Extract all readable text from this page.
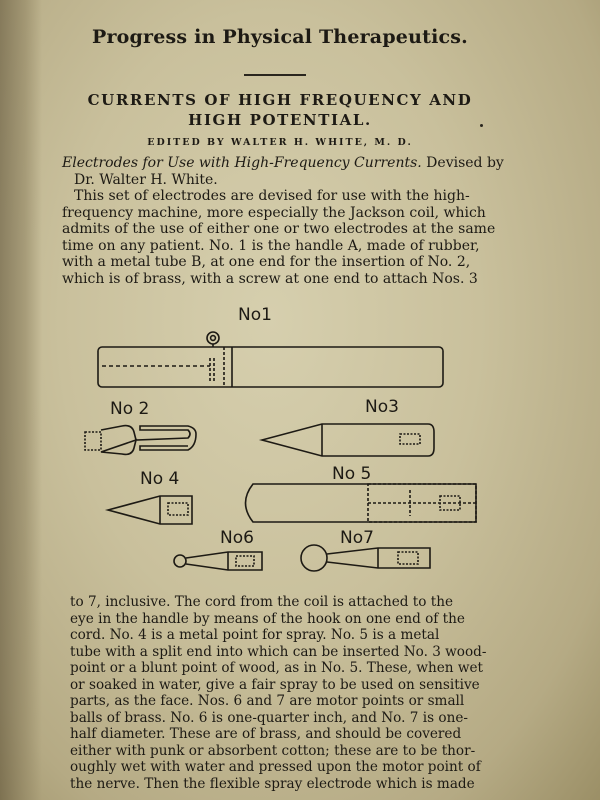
Progress in Physical Therapeutics.
CURRENTS OF HIGH FREQUENCY AND
HIGH POTENTIAL.
EDITED BY WALTER H. WHITE, M. D.
Electrodes for Use with High-Frequency Currents. Devised by
Dr. Walter H. White.
This set of electrodes are devised for use with the high-
frequency machine, more especially the Jackson coil, which
admits of the use of either one or two electrodes at the same
time on any patient. No. 1 is the handle A, made of rubber,
with a metal tube B, at one end for the insertion of No. 2,
which is of brass, with a screw at one end to attach Nos. 3
No1
No 2	No3
No 4	No 5
No6	No7
to 7, inclusive. The cord from the coil is attached to the
eye in the handle by means of the hook on one end of the
cord. No. 4 is a metal point for spray. No. 5 is a metal
tube with a split end into which can be inserted No. 3 wood-
point or a blunt point of wood, as in No. 5. These, when wet
or soaked in water, give a fair spray to be used on sensitive
parts, as the face. Nos. 6 and 7 are motor points or small
balls of brass. No. 6 is one-quarter inch, and No. 7 is one-
half diameter. These are of brass, and should be covered
either with punk or absorbent cotton; these are to be thor-
oughly wet with water and pressed upon the motor point of
the nerve. Then the flexible spray electrode which is made
